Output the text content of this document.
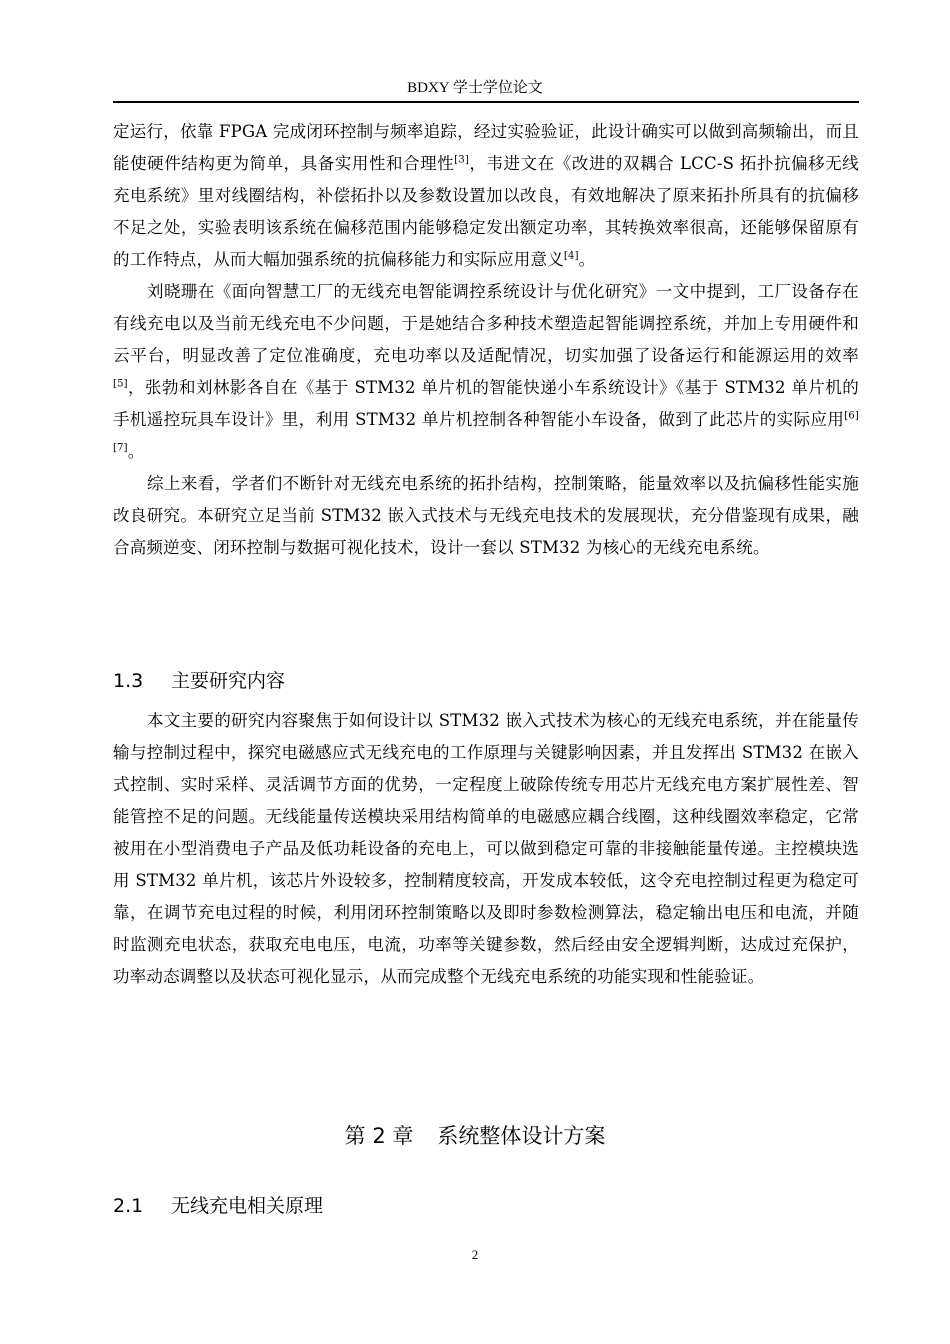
BDXY 学士学位论文

定运行，依靠 FPGA 完成闭环控制与频率追踪，经过实验验证，此设计确实可以做到高频输出，而且能使硬件结构更为简单，具备实用性和合理性[3]，韦进文在《改进的双耦合 LCC-S 拓扑抗偏移无线充电系统》里对线圈结构，补偿拓扑以及参数设置加以改良，有效地解决了原来拓扑所具有的抗偏移不足之处，实验表明该系统在偏移范围内能够稳定发出额定功率，其转换效率很高，还能够保留原有的工作特点，从而大幅加强系统的抗偏移能力和实际应用意义[4]。

刘晓珊在《面向智慧工厂的无线充电智能调控系统设计与优化研究》一文中提到，工厂设备存在有线充电以及当前无线充电不少问题，于是她结合多种技术塑造起智能调控系统，并加上专用硬件和云平台，明显改善了定位准确度，充电功率以及适配情况，切实加强了设备运行和能源运用的效率[5]，张勃和刘林影各自在《基于 STM32 单片机的智能快递小车系统设计》《基于 STM32 单片机的手机遥控玩具车设计》里，利用 STM32 单片机控制各种智能小车设备，做到了此芯片的实际应用[6] [7]。

综上来看，学者们不断针对无线充电系统的拓扑结构，控制策略，能量效率以及抗偏移性能实施改良研究。本研究立足当前 STM32 嵌入式技术与无线充电技术的发展现状，充分借鉴现有成果，融合高频逆变、闭环控制与数据可视化技术，设计一套以 STM32 为核心的无线充电系统。

1.3 主要研究内容

本文主要的研究内容聚焦于如何设计以 STM32 嵌入式技术为核心的无线充电系统，并在能量传输与控制过程中，探究电磁感应式无线充电的工作原理与关键影响因素，并且发挥出 STM32 在嵌入式控制、实时采样、灵活调节方面的优势，一定程度上破除传统专用芯片无线充电方案扩展性差、智能管控不足的问题。无线能量传送模块采用结构简单的电磁感应耦合线圈，这种线圈效率稳定，它常被用在小型消费电子产品及低功耗设备的充电上，可以做到稳定可靠的非接触能量传递。主控模块选用 STM32 单片机，该芯片外设较多，控制精度较高，开发成本较低，这令充电控制过程更为稳定可靠，在调节充电过程的时候，利用闭环控制策略以及即时参数检测算法，稳定输出电压和电流，并随时监测充电状态，获取充电电压，电流，功率等关键参数，然后经由安全逻辑判断，达成过充保护，功率动态调整以及状态可视化显示，从而完成整个无线充电系统的功能实现和性能验证。

第 2 章 系统整体设计方案
2.1 无线充电相关原理
2
